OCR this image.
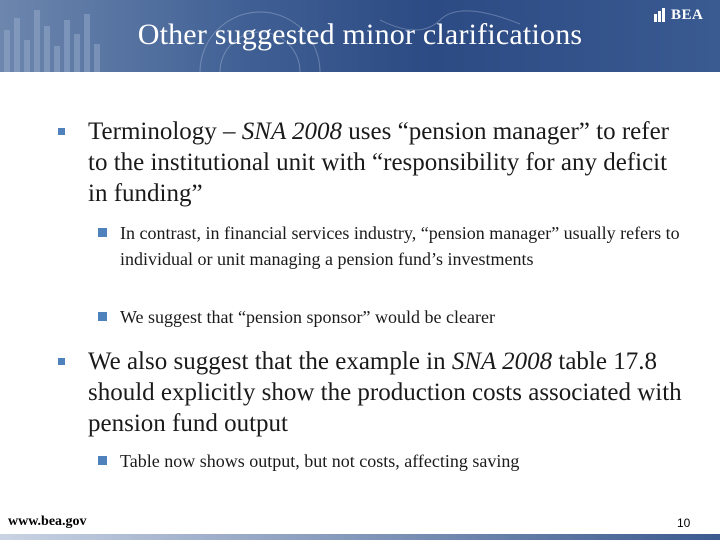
Other suggested minor clarifications
BEA
Terminology – SNA 2008 uses “pension manager” to refer to the institutional unit with “responsibility for any deficit in funding”
In contrast, in financial services industry, “pension manager” usually refers to individual or unit managing a pension fund’s investments
We suggest that “pension sponsor” would be clearer
We also suggest that the example in SNA 2008 table 17.8 should explicitly show the production costs associated with pension fund output
Table now shows output, but not costs, affecting saving
www.bea.gov	10
